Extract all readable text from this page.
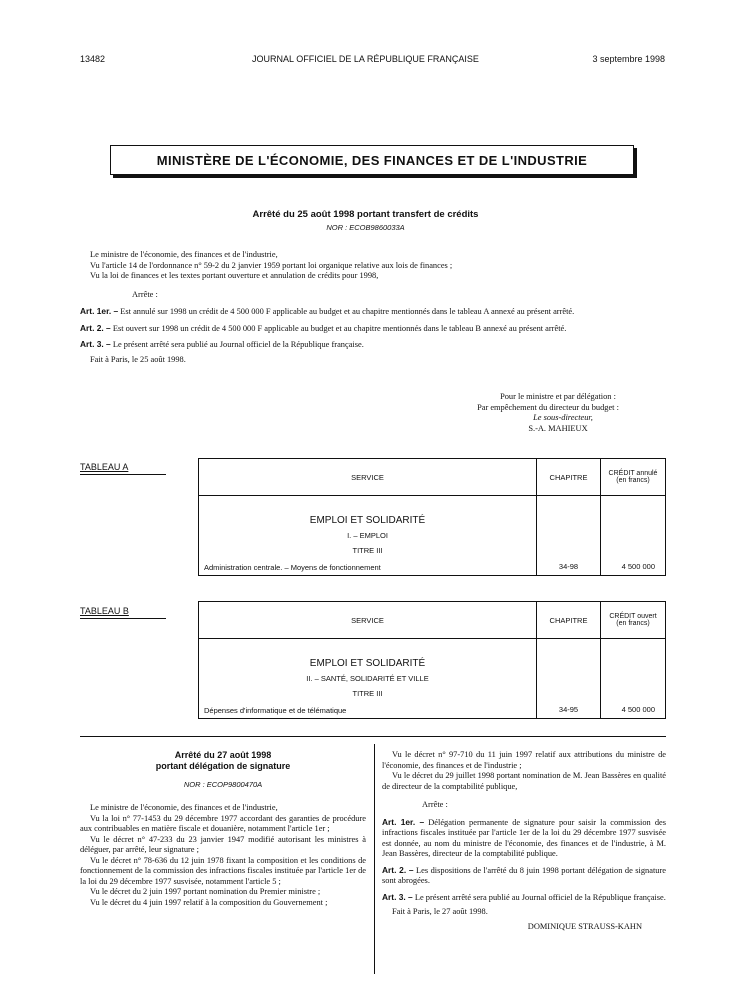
13482	JOURNAL OFFICIEL DE LA RÉPUBLIQUE FRANÇAISE	3 septembre 1998
MINISTÈRE DE L'ÉCONOMIE, DES FINANCES ET DE L'INDUSTRIE
Arrêté du 25 août 1998 portant transfert de crédits
NOR : ECOB9860033A
Le ministre de l'économie, des finances et de l'industrie,
Vu l'article 14 de l'ordonnance n° 59-2 du 2 janvier 1959 portant loi organique relative aux lois de finances ;
Vu la loi de finances et les textes portant ouverture et annulation de crédits pour 1998,
Arrête :
Art. 1er. – Est annulé sur 1998 un crédit de 4 500 000 F applicable au budget et au chapitre mentionnés dans le tableau A annexé au présent arrêté.
Art. 2. – Est ouvert sur 1998 un crédit de 4 500 000 F applicable au budget et au chapitre mentionnés dans le tableau B annexé au présent arrêté.
Art. 3. – Le présent arrêté sera publié au Journal officiel de la République française.
Fait à Paris, le 25 août 1998.
Pour le ministre et par délégation :
Par empêchement du directeur du budget :
Le sous-directeur,
S.-A. MAHIEUX
TABLEAU A
SERVICE	CHAPITRE	CRÉDIT annulé (en francs)

EMPLOI ET SOLIDARITÉ
I. – EMPLOI
TITRE III
Administration centrale. – Moyens de fonctionnement	34-98	4 500 000
TABLEAU B
SERVICE	CHAPITRE	CRÉDIT ouvert (en francs)

EMPLOI ET SOLIDARITÉ
II. – SANTÉ, SOLIDARITÉ ET VILLE
TITRE III
Dépenses d'informatique et de télématique	34-95	4 500 000
Arrêté du 27 août 1998
portant délégation de signature
NOR : ECOP9800470A
Le ministre de l'économie, des finances et de l'industrie,
Vu la loi n° 77-1453 du 29 décembre 1977 accordant des garanties de procédure aux contribuables en matière fiscale et douanière, notamment l'article 1er ;
Vu le décret n° 47-233 du 23 janvier 1947 modifié autorisant les ministres à déléguer, par arrêté, leur signature ;
Vu le décret n° 78-636 du 12 juin 1978 fixant la composition et les conditions de fonctionnement de la commission des infractions fiscales instituée par l'article 1er de la loi du 29 décembre 1977 susvisée, notamment l'article 5 ;
Vu le décret du 2 juin 1997 portant nomination du Premier ministre ;
Vu le décret du 4 juin 1997 relatif à la composition du Gouvernement ;
Vu le décret n° 97-710 du 11 juin 1997 relatif aux attributions du ministre de l'économie, des finances et de l'industrie ;
Vu le décret du 29 juillet 1998 portant nomination de M. Jean Bassères en qualité de directeur de la comptabilité publique,
Arrête :
Art. 1er. – Délégation permanente de signature pour saisir la commission des infractions fiscales instituée par l'article 1er de la loi du 29 décembre 1977 susvisée est donnée, au nom du ministre de l'économie, des finances et de l'industrie, à M. Jean Bassères, directeur de la comptabilité publique.
Art. 2. – Les dispositions de l'arrêté du 8 juin 1998 portant délégation de signature sont abrogées.
Art. 3. – Le présent arrêté sera publié au Journal officiel de la République française.
Fait à Paris, le 27 août 1998.
DOMINIQUE STRAUSS-KAHN
